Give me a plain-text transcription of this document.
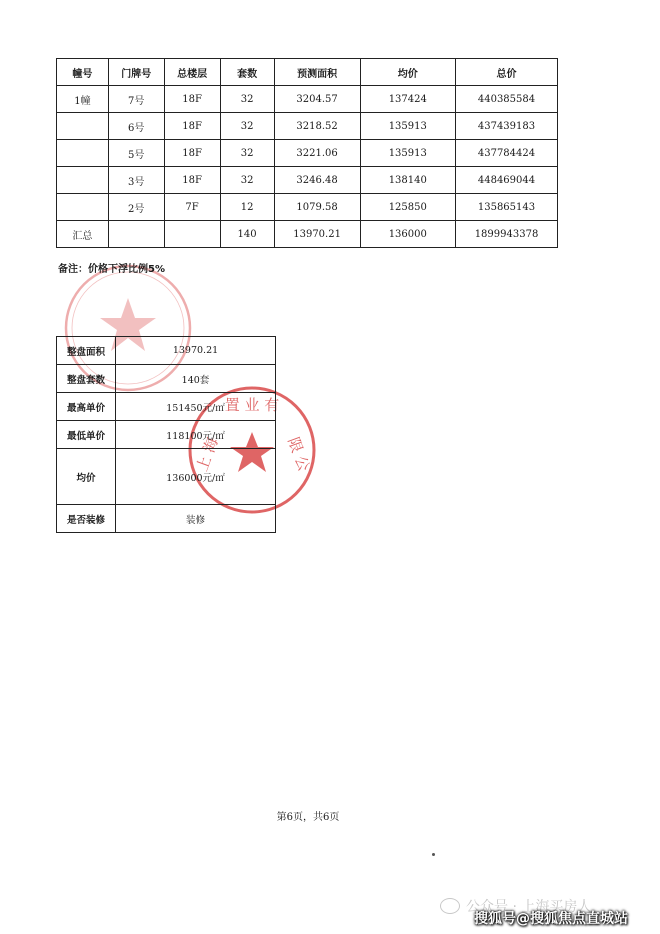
置 业 有
限 公
上 海
幢号	门牌号	总楼层	套数	预测面积	均价	总价
1幢	7号	18F	32	3204.57	137424	440385584
	6号	18F	32	3218.52	135913	437439183
	5号	18F	32	3221.06	135913	437784424
	3号	18F	32	3246.48	138140	448469044
	2号	7F	12	1079.58	125850	135865143
汇总			140	13970.21	136000	1899943378
备注：价格下浮比例5%
整盘面积	13970.21
整盘套数	140套
最高单价	151450元/㎡
最低单价	118100元/㎡
均价	136000元/㎡
是否装修	装修
第6页，共6页
公众号 · 上海买房人
搜狐号@搜狐焦点直城站
